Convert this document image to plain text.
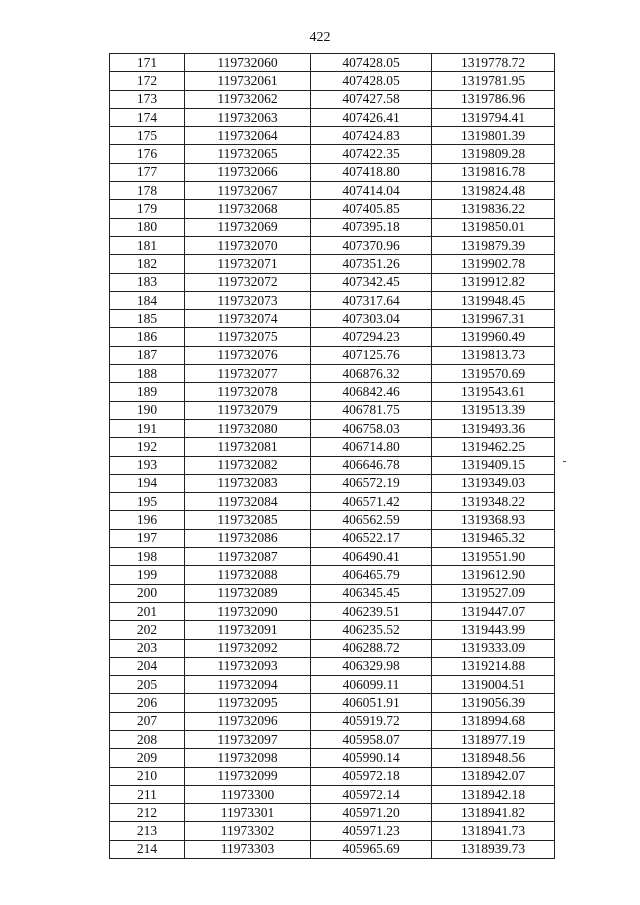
422
171	119732060	407428.05	1319778.72
172	119732061	407428.05	1319781.95
173	119732062	407427.58	1319786.96
174	119732063	407426.41	1319794.41
175	119732064	407424.83	1319801.39
176	119732065	407422.35	1319809.28
177	119732066	407418.80	1319816.78
178	119732067	407414.04	1319824.48
179	119732068	407405.85	1319836.22
180	119732069	407395.18	1319850.01
181	119732070	407370.96	1319879.39
182	119732071	407351.26	1319902.78
183	119732072	407342.45	1319912.82
184	119732073	407317.64	1319948.45
185	119732074	407303.04	1319967.31
186	119732075	407294.23	1319960.49
187	119732076	407125.76	1319813.73
188	119732077	406876.32	1319570.69
189	119732078	406842.46	1319543.61
190	119732079	406781.75	1319513.39
191	119732080	406758.03	1319493.36
192	119732081	406714.80	1319462.25
193	119732082	406646.78	1319409.15
194	119732083	406572.19	1319349.03
195	119732084	406571.42	1319348.22
196	119732085	406562.59	1319368.93
197	119732086	406522.17	1319465.32
198	119732087	406490.41	1319551.90
199	119732088	406465.79	1319612.90
200	119732089	406345.45	1319527.09
201	119732090	406239.51	1319447.07
202	119732091	406235.52	1319443.99
203	119732092	406288.72	1319333.09
204	119732093	406329.98	1319214.88
205	119732094	406099.11	1319004.51
206	119732095	406051.91	1319056.39
207	119732096	405919.72	1318994.68
208	119732097	405958.07	1318977.19
209	119732098	405990.14	1318948.56
210	119732099	405972.18	1318942.07
211	11973300	405972.14	1318942.18
212	11973301	405971.20	1318941.82
213	11973302	405971.23	1318941.73
214	11973303	405965.69	1318939.73
